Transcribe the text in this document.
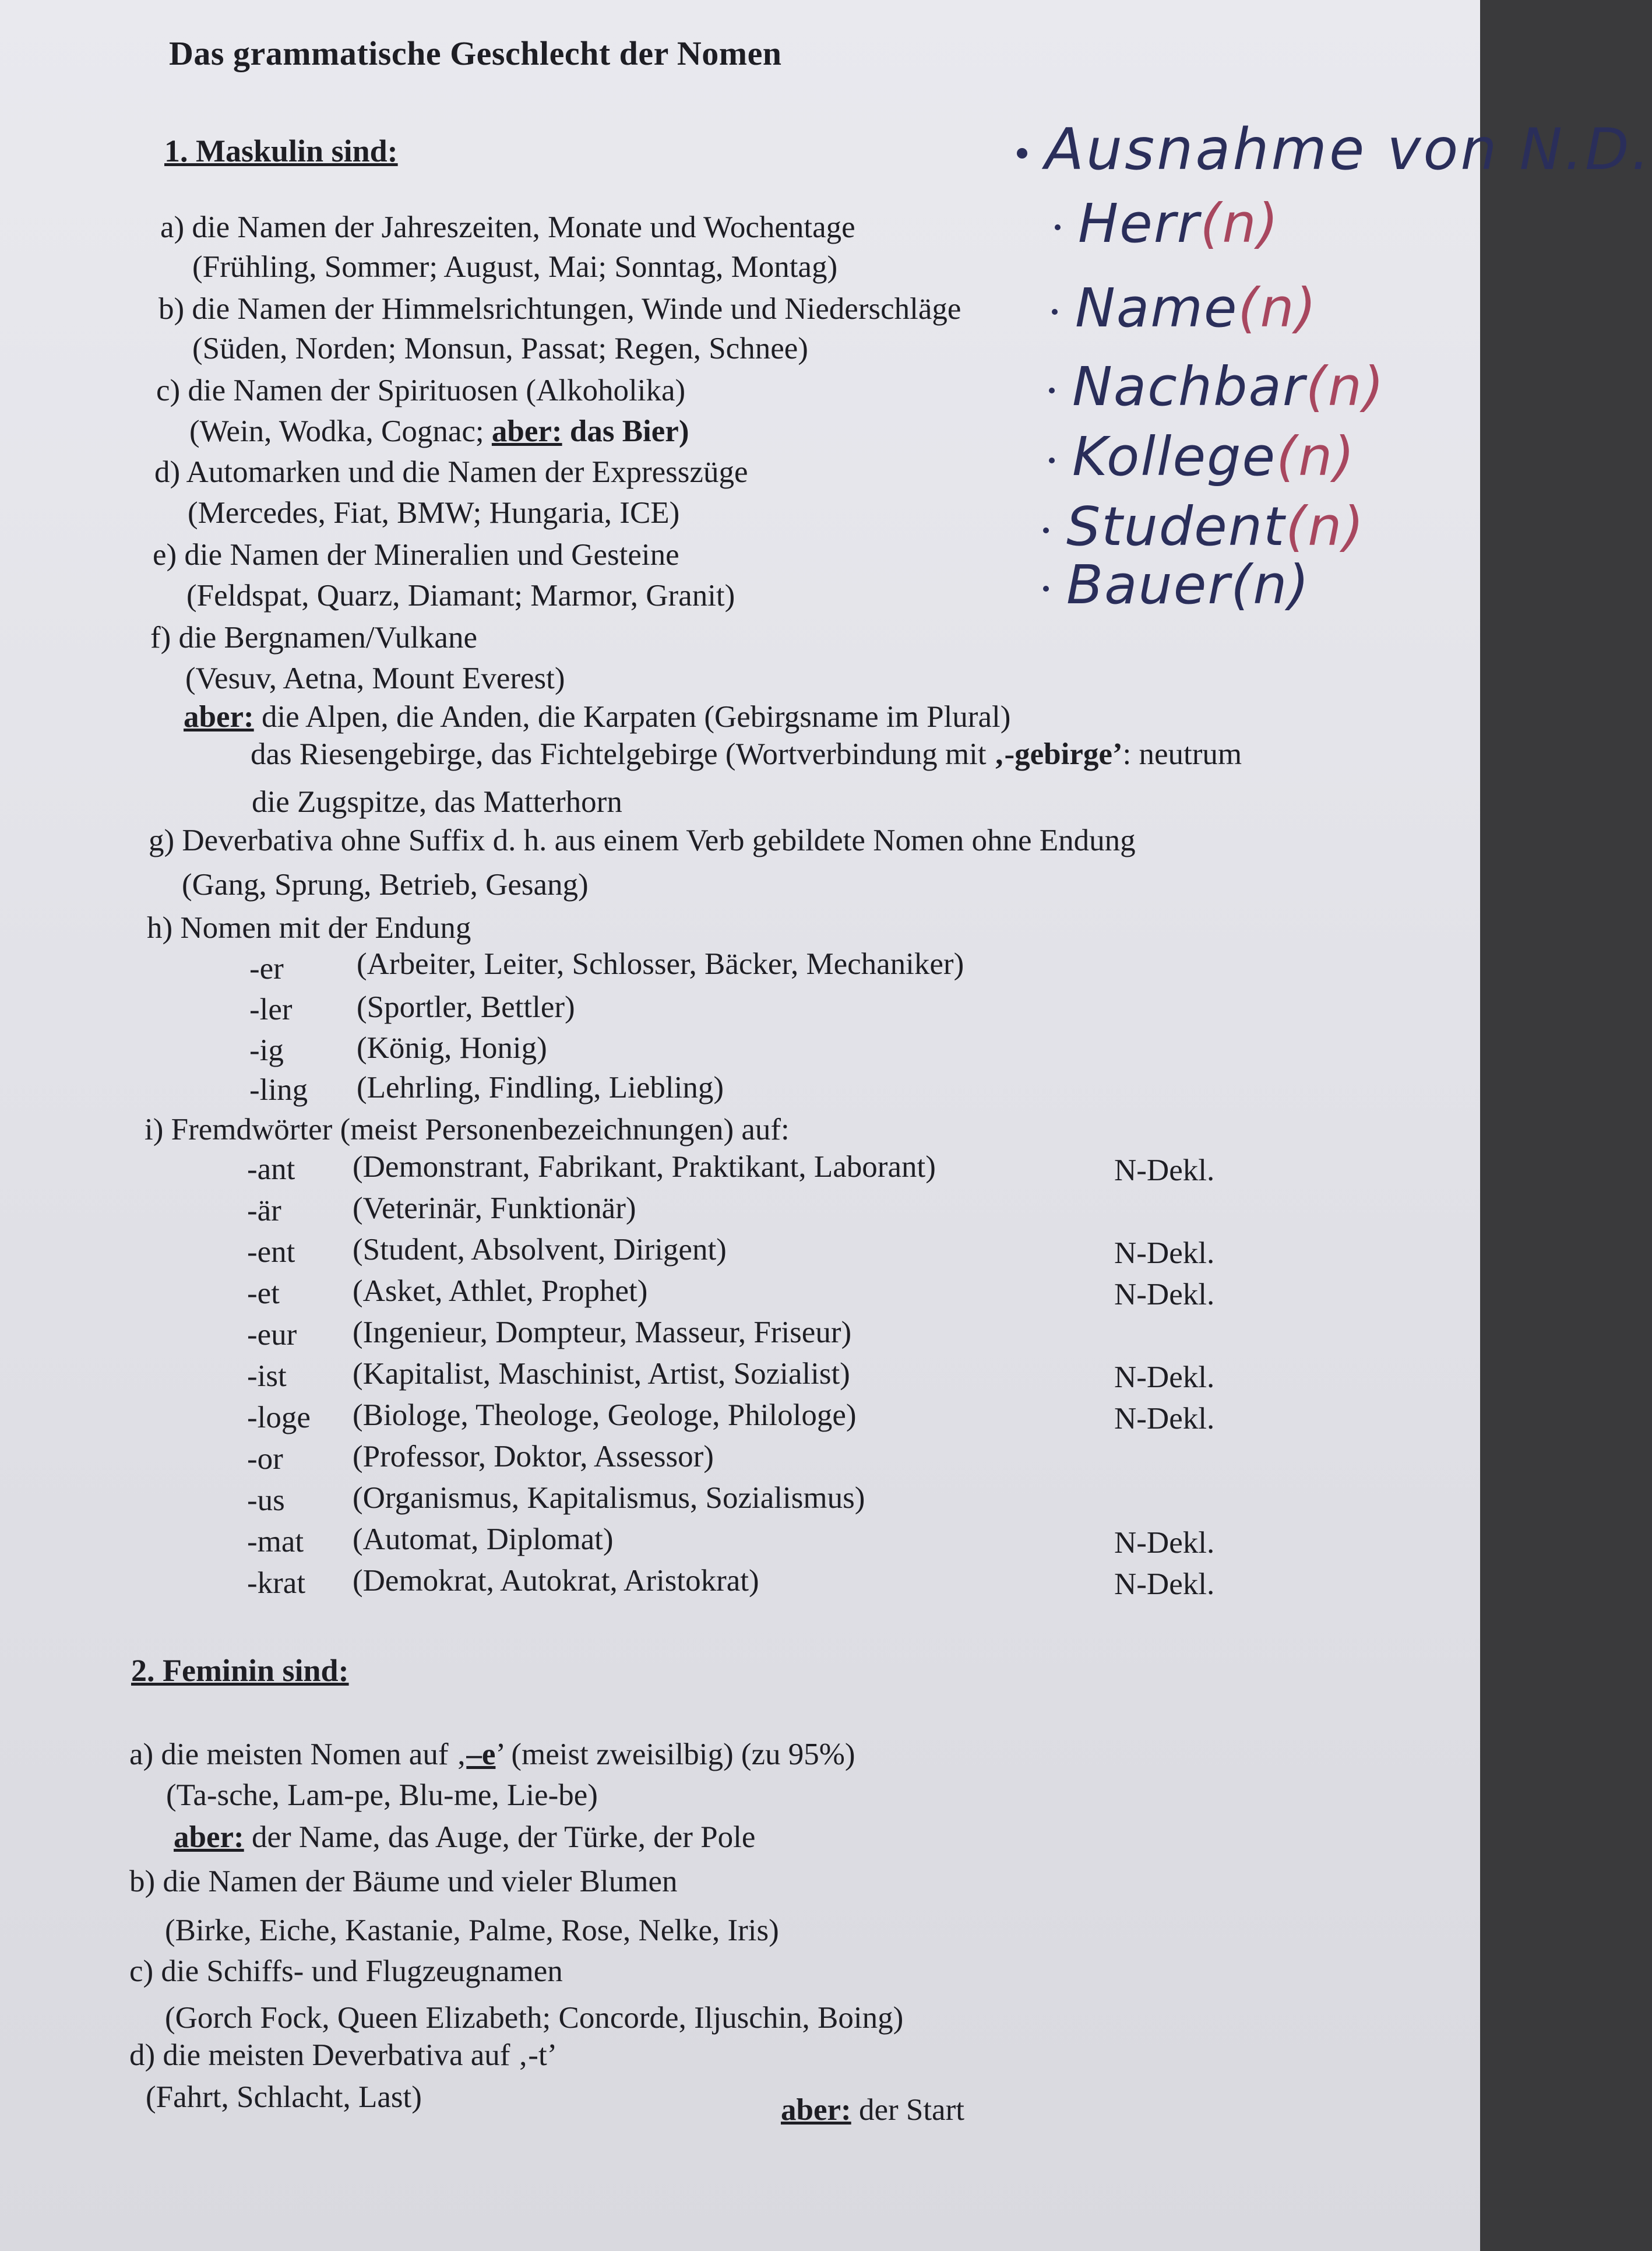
Das grammatische Geschlecht der Nomen
1. Maskulin sind:
a) die Namen der Jahreszeiten, Monate und Wochentage
(Frühling, Sommer; August, Mai; Sonntag, Montag)
b) die Namen der Himmelsrichtungen, Winde und Niederschläge
(Süden, Norden; Monsun, Passat; Regen, Schnee)
c) die Namen der Spirituosen (Alkoholika)
(Wein, Wodka, Cognac; aber: das Bier)
d) Automarken und die Namen der Expresszüge
(Mercedes, Fiat, BMW; Hungaria, ICE)
e) die Namen der Mineralien und Gesteine
(Feldspat, Quarz, Diamant; Marmor, Granit)
f) die Bergnamen/Vulkane
(Vesuv, Aetna, Mount Everest)
aber: die Alpen, die Anden, die Karpaten (Gebirgsname im Plural)
das Riesengebirge, das Fichtelgebirge (Wortverbindung mit ‚-gebirge’: neutrum
die Zugspitze, das Matterhorn
g) Deverbativa ohne Suffix d. h. aus einem Verb gebildete Nomen ohne Endung
(Gang, Sprung, Betrieb, Gesang)
h) Nomen mit der Endung
-er (Arbeiter, Leiter, Schlosser, Bäcker, Mechaniker)
-ler (Sportler, Bettler)
-ig (König, Honig)
-ling (Lehrling, Findling, Liebling)
i) Fremdwörter (meist Personenbezeichnungen) auf:
-ant (Demonstrant, Fabrikant, Praktikant, Laborant)	N-Dekl.
-är (Veterinär, Funktionär)
-ent (Student, Absolvent, Dirigent)	N-Dekl.
-et (Asket, Athlet, Prophet)	N-Dekl.
-eur (Ingenieur, Dompteur, Masseur, Friseur)
-ist (Kapitalist, Maschinist, Artist, Sozialist)	N-Dekl.
-loge (Biologe, Theologe, Geologe, Philologe)	N-Dekl.
-or (Professor, Doktor, Assessor)
-us (Organismus, Kapitalismus, Sozialismus)
-mat (Automat, Diplomat)	N-Dekl.
-krat (Demokrat, Autokrat, Aristokrat)	N-Dekl.
2. Feminin sind:
a) die meisten Nomen auf ‚–e’ (meist zweisilbig) (zu 95%)
(Ta-sche, Lam-pe, Blu-me, Lie-be)
aber: der Name, das Auge, der Türke, der Pole
b) die Namen der Bäume und vieler Blumen
(Birke, Eiche, Kastanie, Palme, Rose, Nelke, Iris)
c) die Schiffs- und Flugzeugnamen
(Gorch Fock, Queen Elizabeth; Concorde, Iljuschin, Boing)
d) die meisten Deverbativa auf ‚-t’
(Fahrt, Schlacht, Last)	aber: der Start
Ausnahme von N.D.
Herr(n)
Name(n)
Nachbar(n)
Kollege(n)
Student(n)
Bauer(n)
